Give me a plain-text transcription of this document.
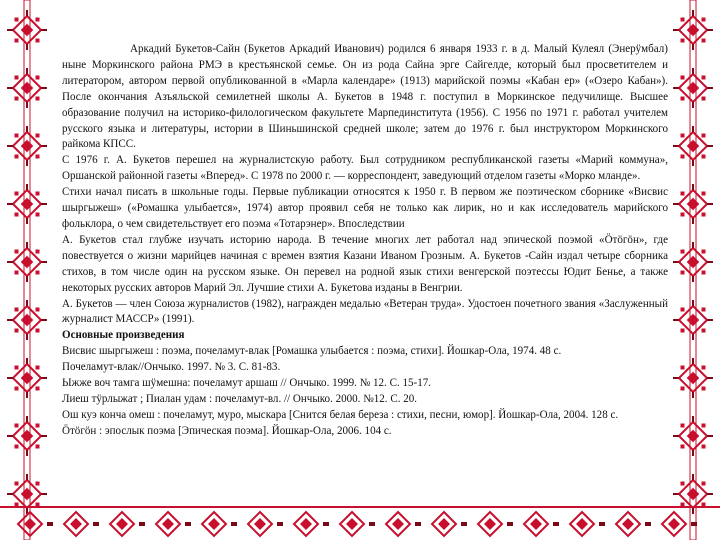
Аркадий Букетов-Сайн (Букетов Аркадий Иванович) родился 6 января 1933 г. в д. Малый Кулеял (Энерӱмбал) ныне Моркинского района РМЭ в крестьянской семье. Он из рода Сайна эрге Сайгелде, который был просветителем и литератором, автором первой опубликованной в «Марла календаре» (1913) марийской поэмы «Кабан ер» («Озеро Кабан»). После окончания Азъяльской семилетней школы А. Букетов в 1948 г. поступил в Моркинское педучилище. Высшее образование получил на историко-филологическом факультете Марпединститута (1956). С 1956 по 1971 г. работал учителем русского языка и литературы, истории в Шиньшинской средней школе; затем до 1976 г. был инструктором Моркинского райкома КПСС.

С 1976 г. А. Букетов перешел на журналистскую работу. Был сотрудником республиканской газеты «Марий коммуна», Оршанской районной газеты «Вперед». С 1978 по 2000 г. — корреспондент, заведующий отделом газеты «Морко мланде».

Стихи начал писать в школьные годы. Первые публикации относятся к 1950 г. В первом же поэтическом сборнике «Висвис шыргыжеш» («Ромашка улыбается», 1974) автор проявил себя не только как лирик, но и как исследователь марийского фольклора, о чем свидетельствует его поэма «Тотарэнер». Впоследствии

А. Букетов стал глубже изучать историю народа. В течение многих лет работал над эпической поэмой «Ӧтӧгӧн», где повествуется о жизни марийцев начиная с времен взятия Казани Иваном Грозным. А. Букетов -Сайн издал четыре сборника стихов, в том числе один на русском языке. Он перевел на родной язык стихи венгерской поэтессы Юдит Бенье, а также некоторых русских авторов Марий Эл. Лучшие стихи А. Букетова изданы в Венгрии.

А. Букетов — член Союза журналистов (1982), награжден медалью «Ветеран труда». Удостоен почетного звания «Заслуженный журналист МАССР» (1991).

Основные произведения

Висвис шыргыжеш : поэма, почеламут-влак [Ромашка улыбается : поэма, стихи]. Йошкар-Ола, 1974. 48 с.

Почеламут-влак//Ончыко. 1997. № 3. С. 81-83.

Ыжже воч тамга шӱмешна: почеламут аршаш // Ончыко. 1999. № 12. С. 15-17.

Лиеш тӱрлыжат ; Пиалан удам : почеламут-вл. // Ончыко. 2000. №12. С. 20.

Ош куэ конча омеш : почеламут, муро, мыскара [Снится белая береза : стихи, песни, юмор]. Йошкар-Ола, 2004. 128 с.

Ӧтӧгӧн : эпослык поэма [Эпическая поэма]. Йошкар-Ола, 2006. 104 с.
